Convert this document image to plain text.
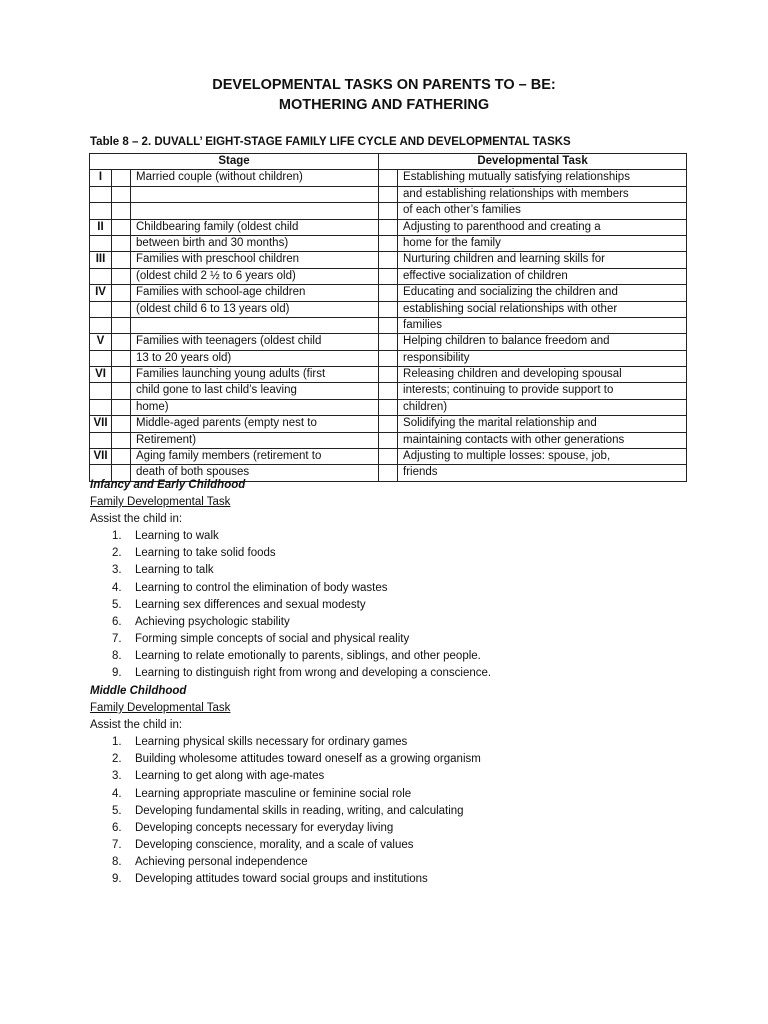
DEVELOPMENTAL TASKS ON PARENTS TO – BE:
MOTHERING AND FATHERING
Table 8 – 2. DUVALL’ EIGHT-STAGE FAMILY LIFE CYCLE AND DEVELOPMENTAL TASKS
Stage			Developmental Task	
I		Married couple (without children)		Establishing mutually satisfying relationships
				and establishing relationships with members
				of each other’s families
II		Childbearing family (oldest child		Adjusting to parenthood and creating a
		between birth and 30 months)		home for the family
III		Families with preschool children		Nurturing children and learning skills for
		(oldest child 2 ½ to 6 years old)		effective socialization of children
IV		Families with school-age children		Educating and socializing the children and
		(oldest child 6 to 13 years old)		establishing social relationships with other
				families
V		Families with teenagers (oldest child		Helping children to balance freedom and
		13 to 20 years old)		responsibility
VI		Families launching young adults (first		Releasing children and developing spousal
		child gone to last child’s leaving		interests; continuing to provide support to
		home)		children)
VII		Middle-aged parents (empty nest to		Solidifying the marital relationship and
		Retirement)		maintaining contacts with other generations
VII		Aging family members (retirement to		Adjusting to multiple losses: spouse, job,
		death of both spouses		friends
Infancy and Early Childhood
Family Developmental Task
Assist the child in:
1. Learning to walk
2. Learning to take solid foods
3. Learning to talk
4. Learning to control the elimination of body wastes
5. Learning sex differences and sexual modesty
6. Achieving psychologic stability
7. Forming simple concepts of social and physical reality
8. Learning to relate emotionally to parents, siblings, and other people.
9. Learning to distinguish right from wrong and developing a conscience.
Middle Childhood
Family Developmental Task
Assist the child in:
1. Learning physical skills necessary for ordinary games
2. Building wholesome attitudes toward oneself as a growing organism
3. Learning to get along with age-mates
4. Learning appropriate masculine or feminine social role
5. Developing fundamental skills in reading, writing, and calculating
6. Developing concepts necessary for everyday living
7. Developing conscience, morality, and a scale of values
8. Achieving personal independence
9. Developing attitudes toward social groups and institutions
